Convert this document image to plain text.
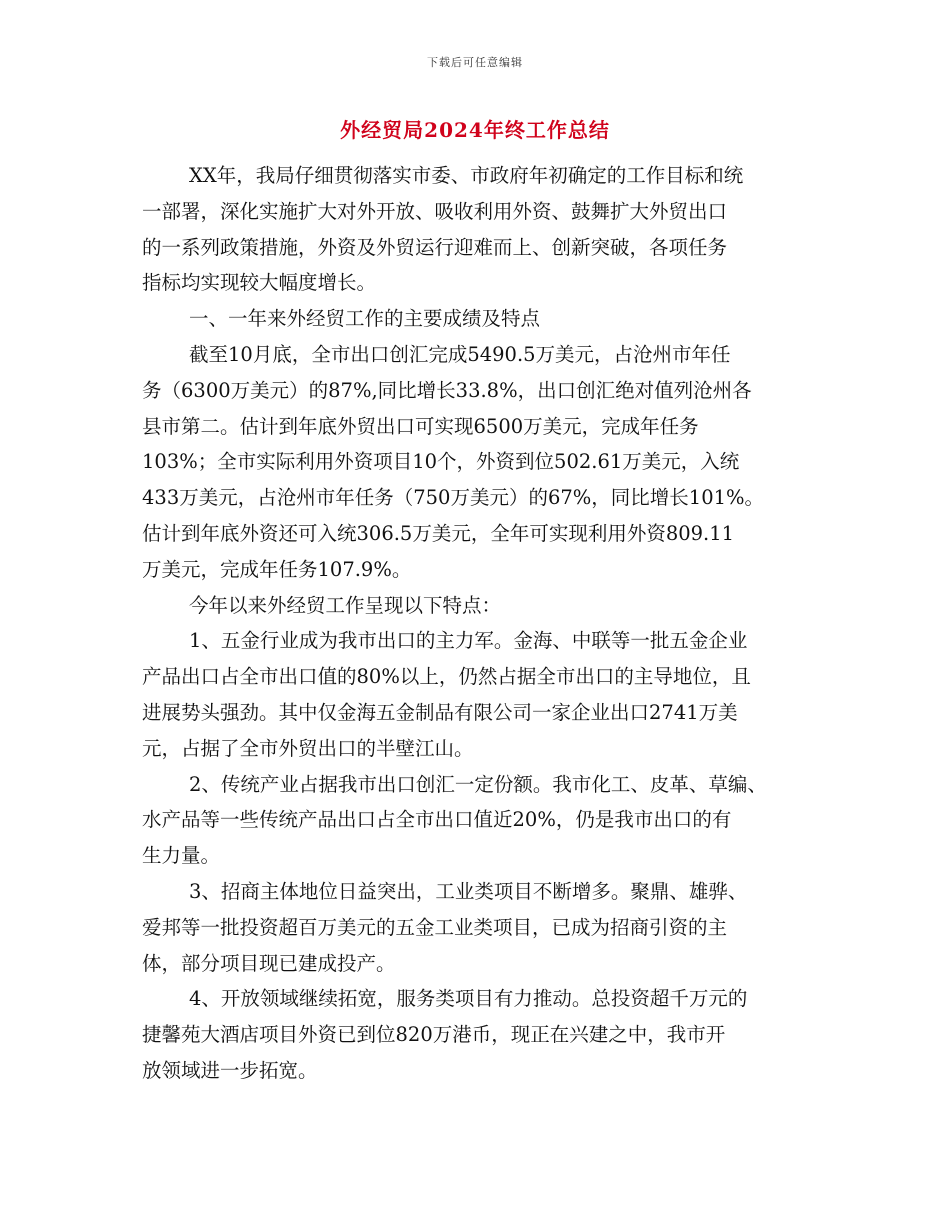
下载后可任意编辑
外经贸局2024年终工作总结
XX年，我局仔细贯彻落实市委、市政府年初确定的工作目标和统
一部署，深化实施扩大对外开放、吸收利用外资、鼓舞扩大外贸出口
的一系列政策措施，外资及外贸运行迎难而上、创新突破，各项任务
指标均实现较大幅度增长。
一、一年来外经贸工作的主要成绩及特点
截至10月底，全市出口创汇完成5490.5万美元，占沧州市年任
务（6300万美元）的87%,同比增长33.8%，出口创汇绝对值列沧州各
县市第二。估计到年底外贸出口可实现6500万美元，完成年任务
103%；全市实际利用外资项目10个，外资到位502.61万美元，入统
433万美元，占沧州市年任务（750万美元）的67%，同比增长101%。
估计到年底外资还可入统306.5万美元，全年可实现利用外资809.11
万美元，完成年任务107.9%。
今年以来外经贸工作呈现以下特点：
1、五金行业成为我市出口的主力军。金海、中联等一批五金企业
产品出口占全市出口值的80%以上，仍然占据全市出口的主导地位，且
进展势头强劲。其中仅金海五金制品有限公司一家企业出口2741万美
元，占据了全市外贸出口的半壁江山。
2、传统产业占据我市出口创汇一定份额。我市化工、皮革、草编、
水产品等一些传统产品出口占全市出口值近20%，仍是我市出口的有
生力量。
3、招商主体地位日益突出，工业类项目不断增多。聚鼎、雄骅、
爱邦等一批投资超百万美元的五金工业类项目，已成为招商引资的主
体，部分项目现已建成投产。
4、开放领域继续拓宽，服务类项目有力推动。总投资超千万元的
捷馨苑大酒店项目外资已到位820万港币，现正在兴建之中，我市开
放领域进一步拓宽。
